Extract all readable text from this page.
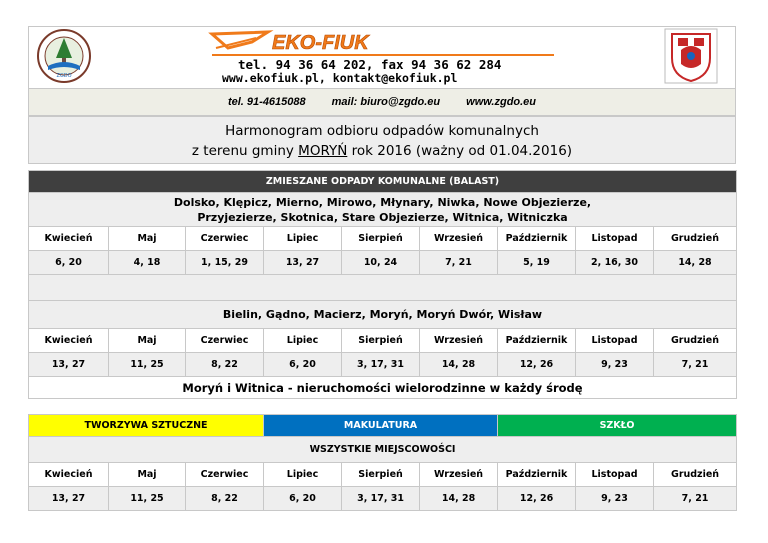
ZGDO
EKO-FIUK
tel. 94 36 64 202, fax 94 36 62 284
www.ekofiuk.pl, kontakt@ekofiuk.pl
tel. 91-4615088 mail: biuro@zgdo.eu www.zgdo.eu
Harmonogram odbioru odpadów komunalnych
z terenu gminy MORYŃ rok 2016 (ważny od 01.04.2016)
ZMIESZANE ODPADY KOMUNALNE (BALAST)								

Dolsko, Klępicz, Mierno, Mirowo, Młynary, Niwka, Nowe Objezierze,
Przyjezierze, Skotnica, Stare Objezierze, Witnica, Witniczka								

Kwiecień	Maj	Czerwiec	Lipiec	Sierpień	Wrzesień	Październik	Listopad	Grudzień
6, 20	4, 18	1, 15, 29	13, 27	10, 24	7, 21	5, 19	2, 16, 30	14, 28

Bielin, Gądno, Macierz, Moryń, Moryń Dwór, Wisław								
Kwiecień	Maj	Czerwiec	Lipiec	Sierpień	Wrzesień	Październik	Listopad	Grudzień
13, 27	11, 25	8, 22	6, 20	3, 17, 31	14, 28	12, 26	9, 23	7, 21
Moryń i Witnica - nieruchomości wielorodzinne w każdy środę								
TWORZYWA SZTUCZNE			MAKULATURA			SZKŁO		
WSZYSTKIE MIEJSCOWOŚCI								
Kwiecień	Maj	Czerwiec	Lipiec	Sierpień	Wrzesień	Październik	Listopad	Grudzień
13, 27	11, 25	8, 22	6, 20	3, 17, 31	14, 28	12, 26	9, 23	7, 21
